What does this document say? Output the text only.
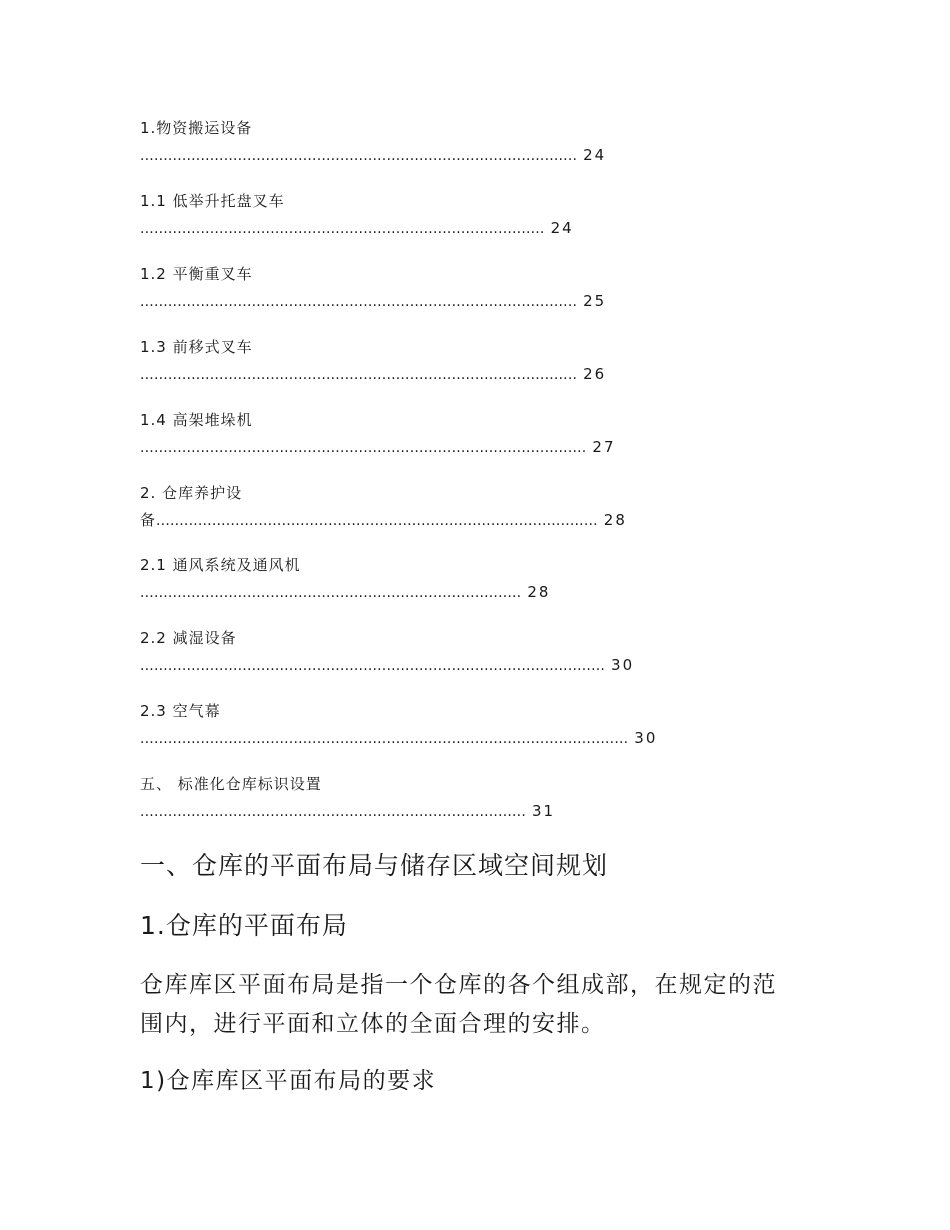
1.物资搬运设备
.............................................................................................. 24
1.1 低举升托盘叉车
....................................................................................... 24
1.2 平衡重叉车
.............................................................................................. 25
1.3 前移式叉车
.............................................................................................. 26
1.4 高架堆垛机
................................................................................................ 27
2. 仓库养护设
备............................................................................................... 28
2.1 通风系统及通风机
.................................................................................. 28
2.2 减湿设备
.................................................................................................... 30
2.3 空气幕
......................................................................................................... 30
五、 标准化仓库标识设置
................................................................................... 31
一、仓库的平面布局与储存区域空间规划
1.仓库的平面布局
仓库库区平面布局是指一个仓库的各个组成部，在规定的范围内，进行平面和立体的全面合理的安排。
1)仓库库区平面布局的要求
